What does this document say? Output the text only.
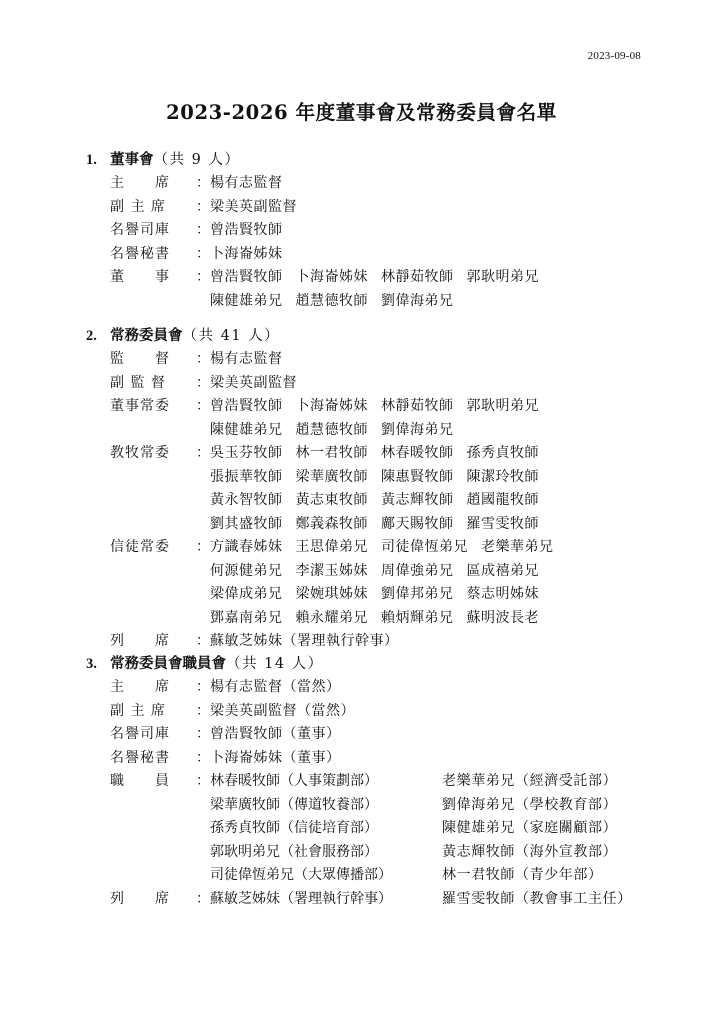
2023-09-08
2023-2026 年度董事會及常務委員會名單
1. 董事會（共 9 人）
主　　席	： 楊有志監督
副 主 席	： 梁美英副監督
名譽司庫	： 曾浩賢牧師
名譽秘書	： 卜海崙姊妹
董　　事	： 曾浩賢牧師 卜海崙姊妹 林靜茹牧師 郭耿明弟兄
陳健雄弟兄 趙慧德牧師 劉偉海弟兄
2. 常務委員會（共 41 人）
監　　督	： 楊有志監督
副 監 督	： 梁美英副監督
董事常委	： 曾浩賢牧師 卜海崙姊妹 林靜茹牧師 郭耿明弟兄
陳健雄弟兄 趙慧德牧師 劉偉海弟兄
教牧常委	： 吳玉芬牧師 林一君牧師 林春暖牧師 孫秀貞牧師
張振華牧師 梁華廣牧師 陳惠賢牧師 陳潔玲牧師
黃永智牧師 黃志東牧師 黃志輝牧師 趙國龍牧師
劉其盛牧師 鄭義森牧師 鄺天賜牧師 羅雪雯牧師
信徒常委	： 方識春姊妹 王思偉弟兄 司徒偉恆弟兄 老樂華弟兄
何源健弟兄 李潔玉姊妹 周偉強弟兄 區成禧弟兄
梁偉成弟兄 梁婉琪姊妹 劉偉邦弟兄 蔡志明姊妹
鄧嘉南弟兄 賴永耀弟兄 賴炳輝弟兄 蘇明波長老
列　　席	： 蘇敏芝姊妹（署理執行幹事）
3. 常務委員會職員會（共 14 人）
主　　席	： 楊有志監督（當然）
副 主 席	： 梁美英副監督（當然）
名譽司庫	： 曾浩賢牧師（董事）
名譽秘書	： 卜海崙姊妹（董事）
職　　員	： 林春暖牧師（人事策劃部）	老樂華弟兄（經濟受託部）
梁華廣牧師（傳道牧養部）	劉偉海弟兄（學校教育部）
孫秀貞牧師（信徒培育部）	陳健雄弟兄（家庭關顧部）
郭耿明弟兄（社會服務部）	黃志輝牧師（海外宣教部）
司徒偉恆弟兄（大眾傳播部）	林一君牧師（青少年部）
列　　席	： 蘇敏芝姊妹（署理執行幹事）	羅雪雯牧師（教會事工主任）
